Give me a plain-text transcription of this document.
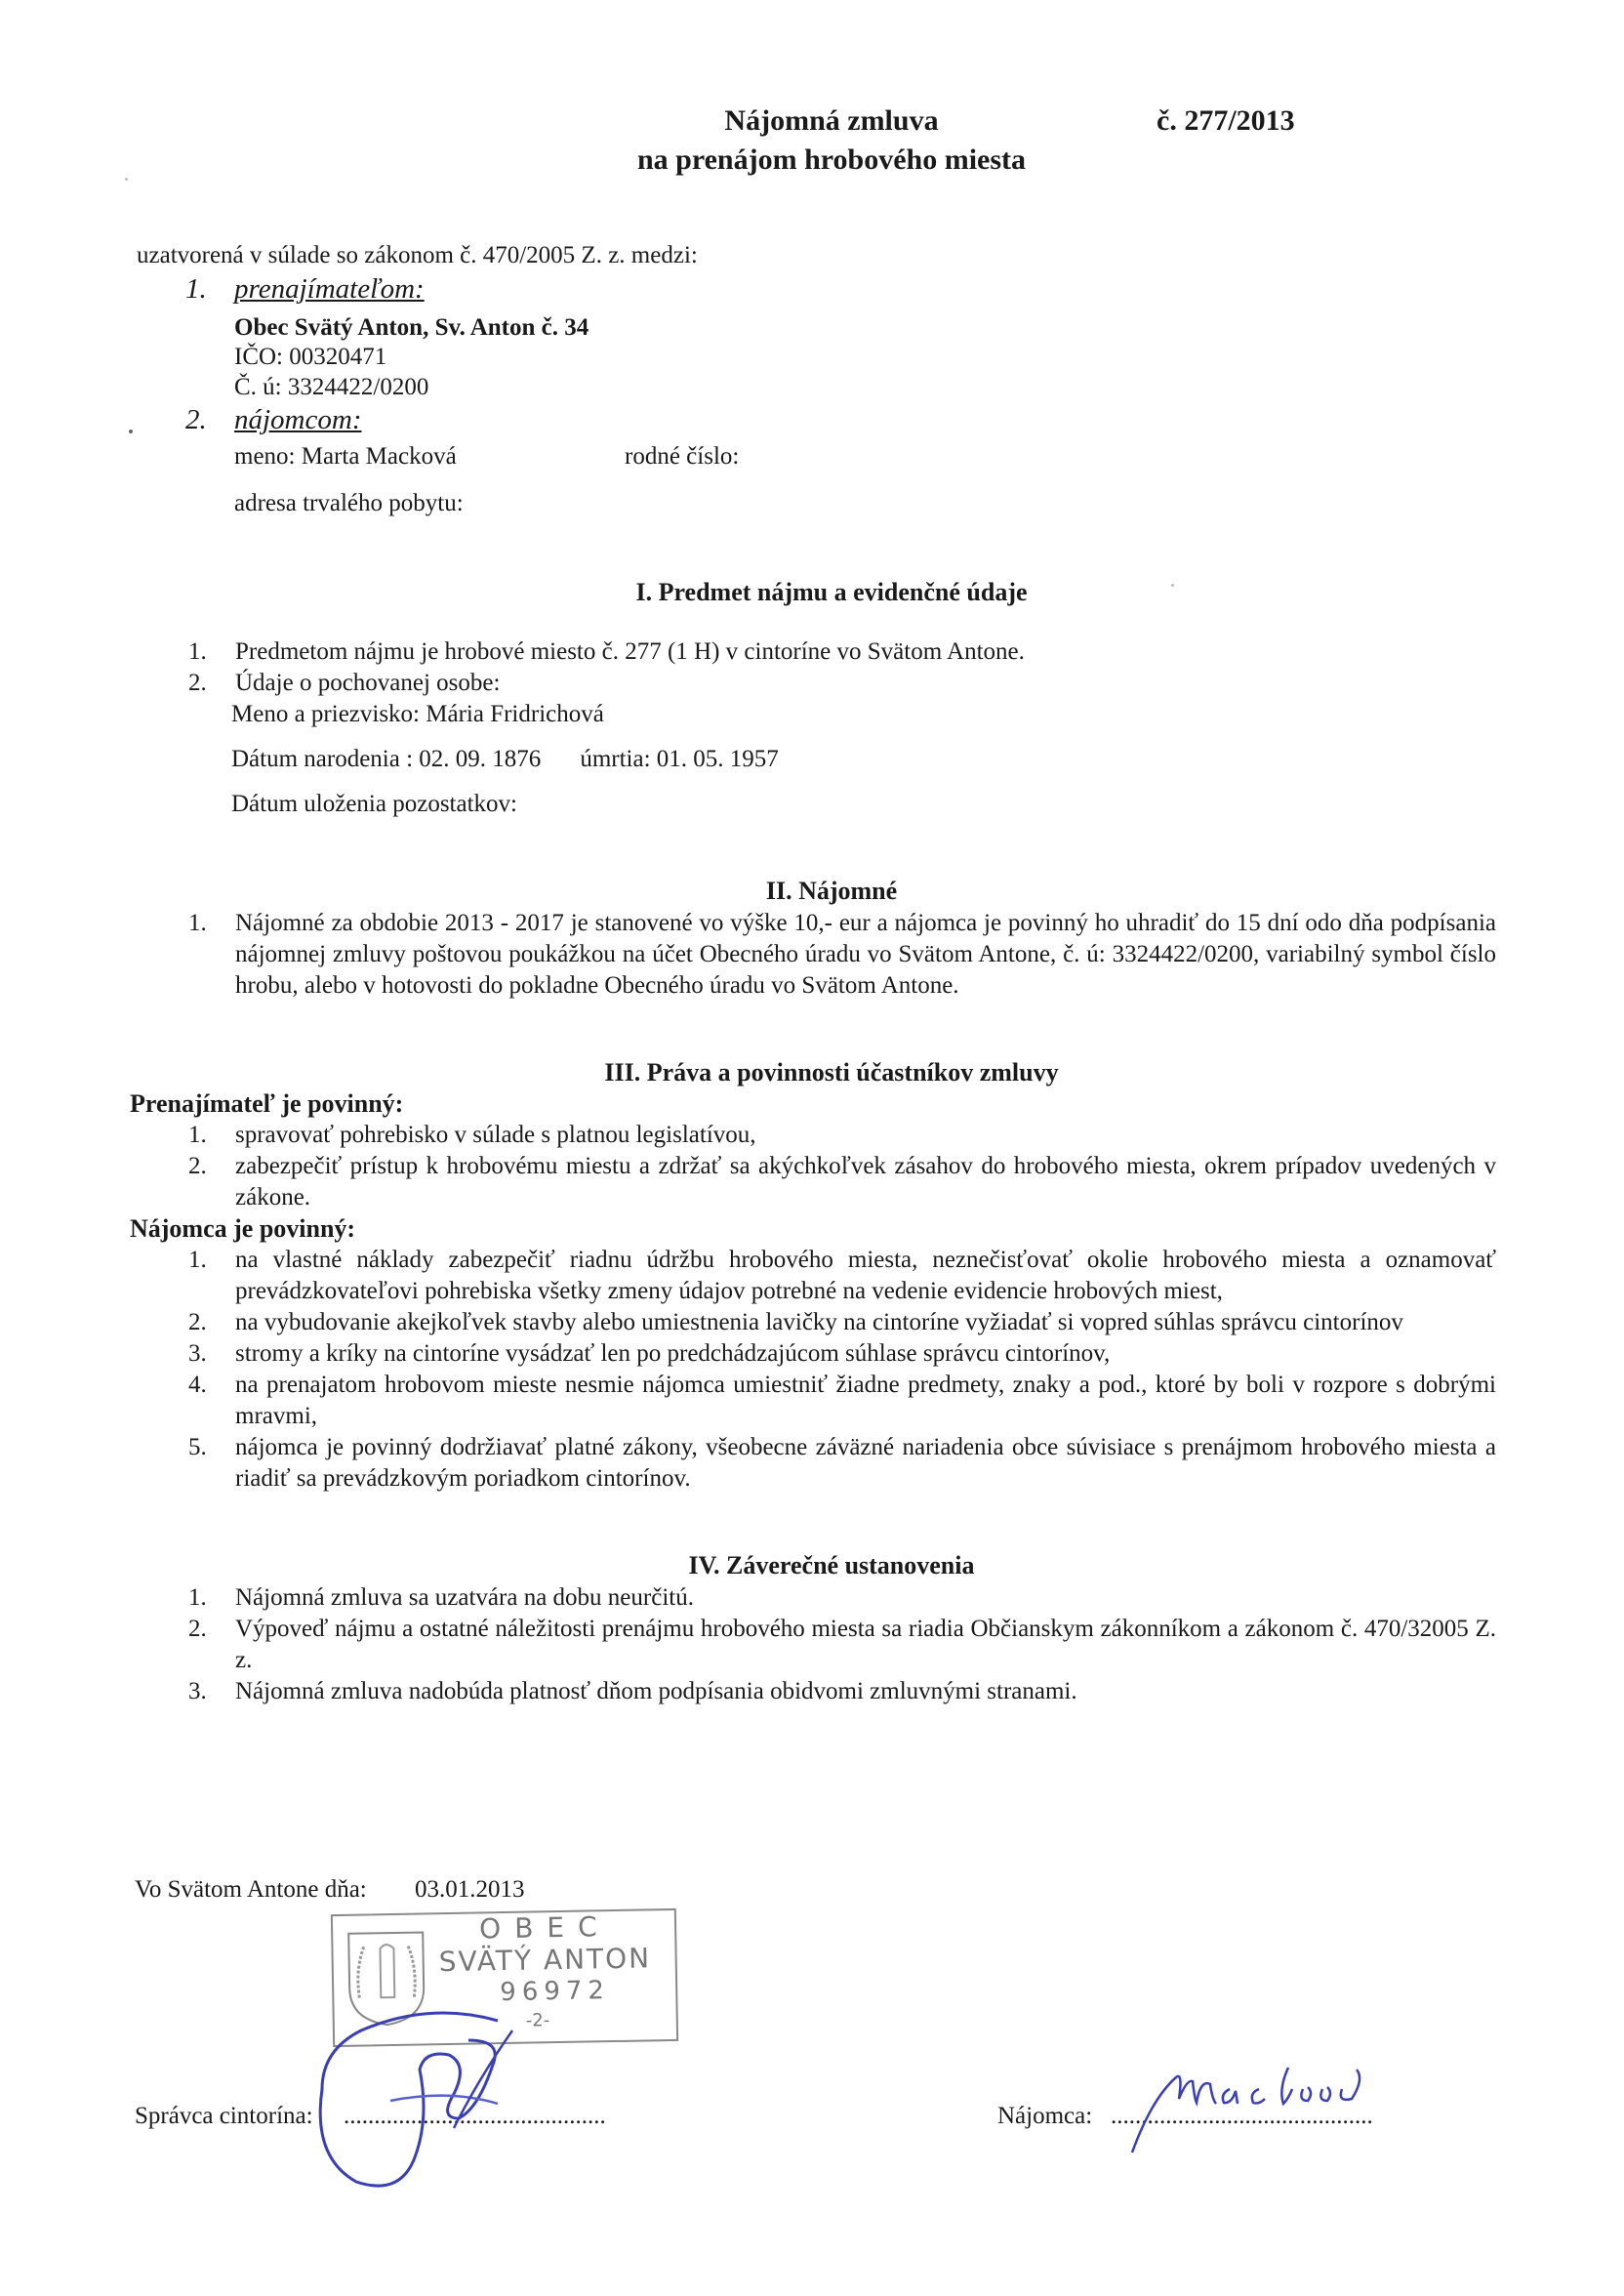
Nájomná zmluva
na prenájom hrobového miesta
č. 277/2013
uzatvorená v súlade so zákonom č. 470/2005 Z. z. medzi:
1. prenajímateľom:
Obec Svätý Anton, Sv. Anton č. 34
IČO: 00320471
Č. ú: 3324422/0200
2. nájomcom:
meno: Marta Macková	rodné číslo:
adresa trvalého pobytu:
I. Predmet nájmu a evidenčné údaje
1. Predmetom nájmu je hrobové miesto č. 277 (1 H) v cintoríne vo Svätom Antone.
2. Údaje o pochovanej osobe:
Meno a priezvisko: Mária Fridrichová
Dátum narodenia : 02. 09. 1876 úmrtia: 01. 05. 1957
Dátum uloženia pozostatkov:
II. Nájomné
1. Nájomné za obdobie 2013 - 2017 je stanovené vo výške 10,- eur a nájomca je povinný ho uhradiť do 15 dní odo dňa podpísania nájomnej zmluvy poštovou poukážkou na účet Obecného úradu vo Svätom Antone, č. ú: 3324422/0200, variabilný symbol číslo hrobu, alebo v hotovosti do pokladne Obecného úradu vo Svätom Antone.
III. Práva a povinnosti účastníkov zmluvy
Prenajímateľ je povinný:
1. spravovať pohrebisko v súlade s platnou legislatívou,
2. zabezpečiť prístup k hrobovému miestu a zdržať sa akýchkoľvek zásahov do hrobového miesta, okrem prípadov uvedených v zákone.
Nájomca je povinný:
1. na vlastné náklady zabezpečiť riadnu údržbu hrobového miesta, neznečisťovať okolie hrobového miesta a oznamovať prevádzkovateľovi pohrebiska všetky zmeny údajov potrebné na vedenie evidencie hrobových miest,
2. na vybudovanie akejkoľvek stavby alebo umiestnenia lavičky na cintoríne vyžiadať si vopred súhlas správcu cintorínov
3. stromy a kríky na cintoríne vysádzať len po predchádzajúcom súhlase správcu cintorínov,
4. na prenajatom hrobovom mieste nesmie nájomca umiestniť žiadne predmety, znaky a pod., ktoré by boli v rozpore s dobrými mravmi,
5. nájomca je povinný dodržiavať platné zákony, všeobecne záväzné nariadenia obce súvisiace s prenájmom hrobového miesta a riadiť sa prevádzkovým poriadkom cintorínov.
IV. Záverečné ustanovenia
1. Nájomná zmluva sa uzatvára na dobu neurčitú.
2. Výpoveď nájmu a ostatné náležitosti prenájmu hrobového miesta sa riadia Občianskym zákonníkom a zákonom č. 470/32005 Z. z.
3. Nájomná zmluva nadobúda platnosť dňom podpísania obidvomi zmluvnými stranami.
Vo Svätom Antone dňa: 03.01.2013
OBEC
SVÄTÝ ANTON
96972
-2-
Správca cintorína: ...........................................	Nájomca: ...........................................
